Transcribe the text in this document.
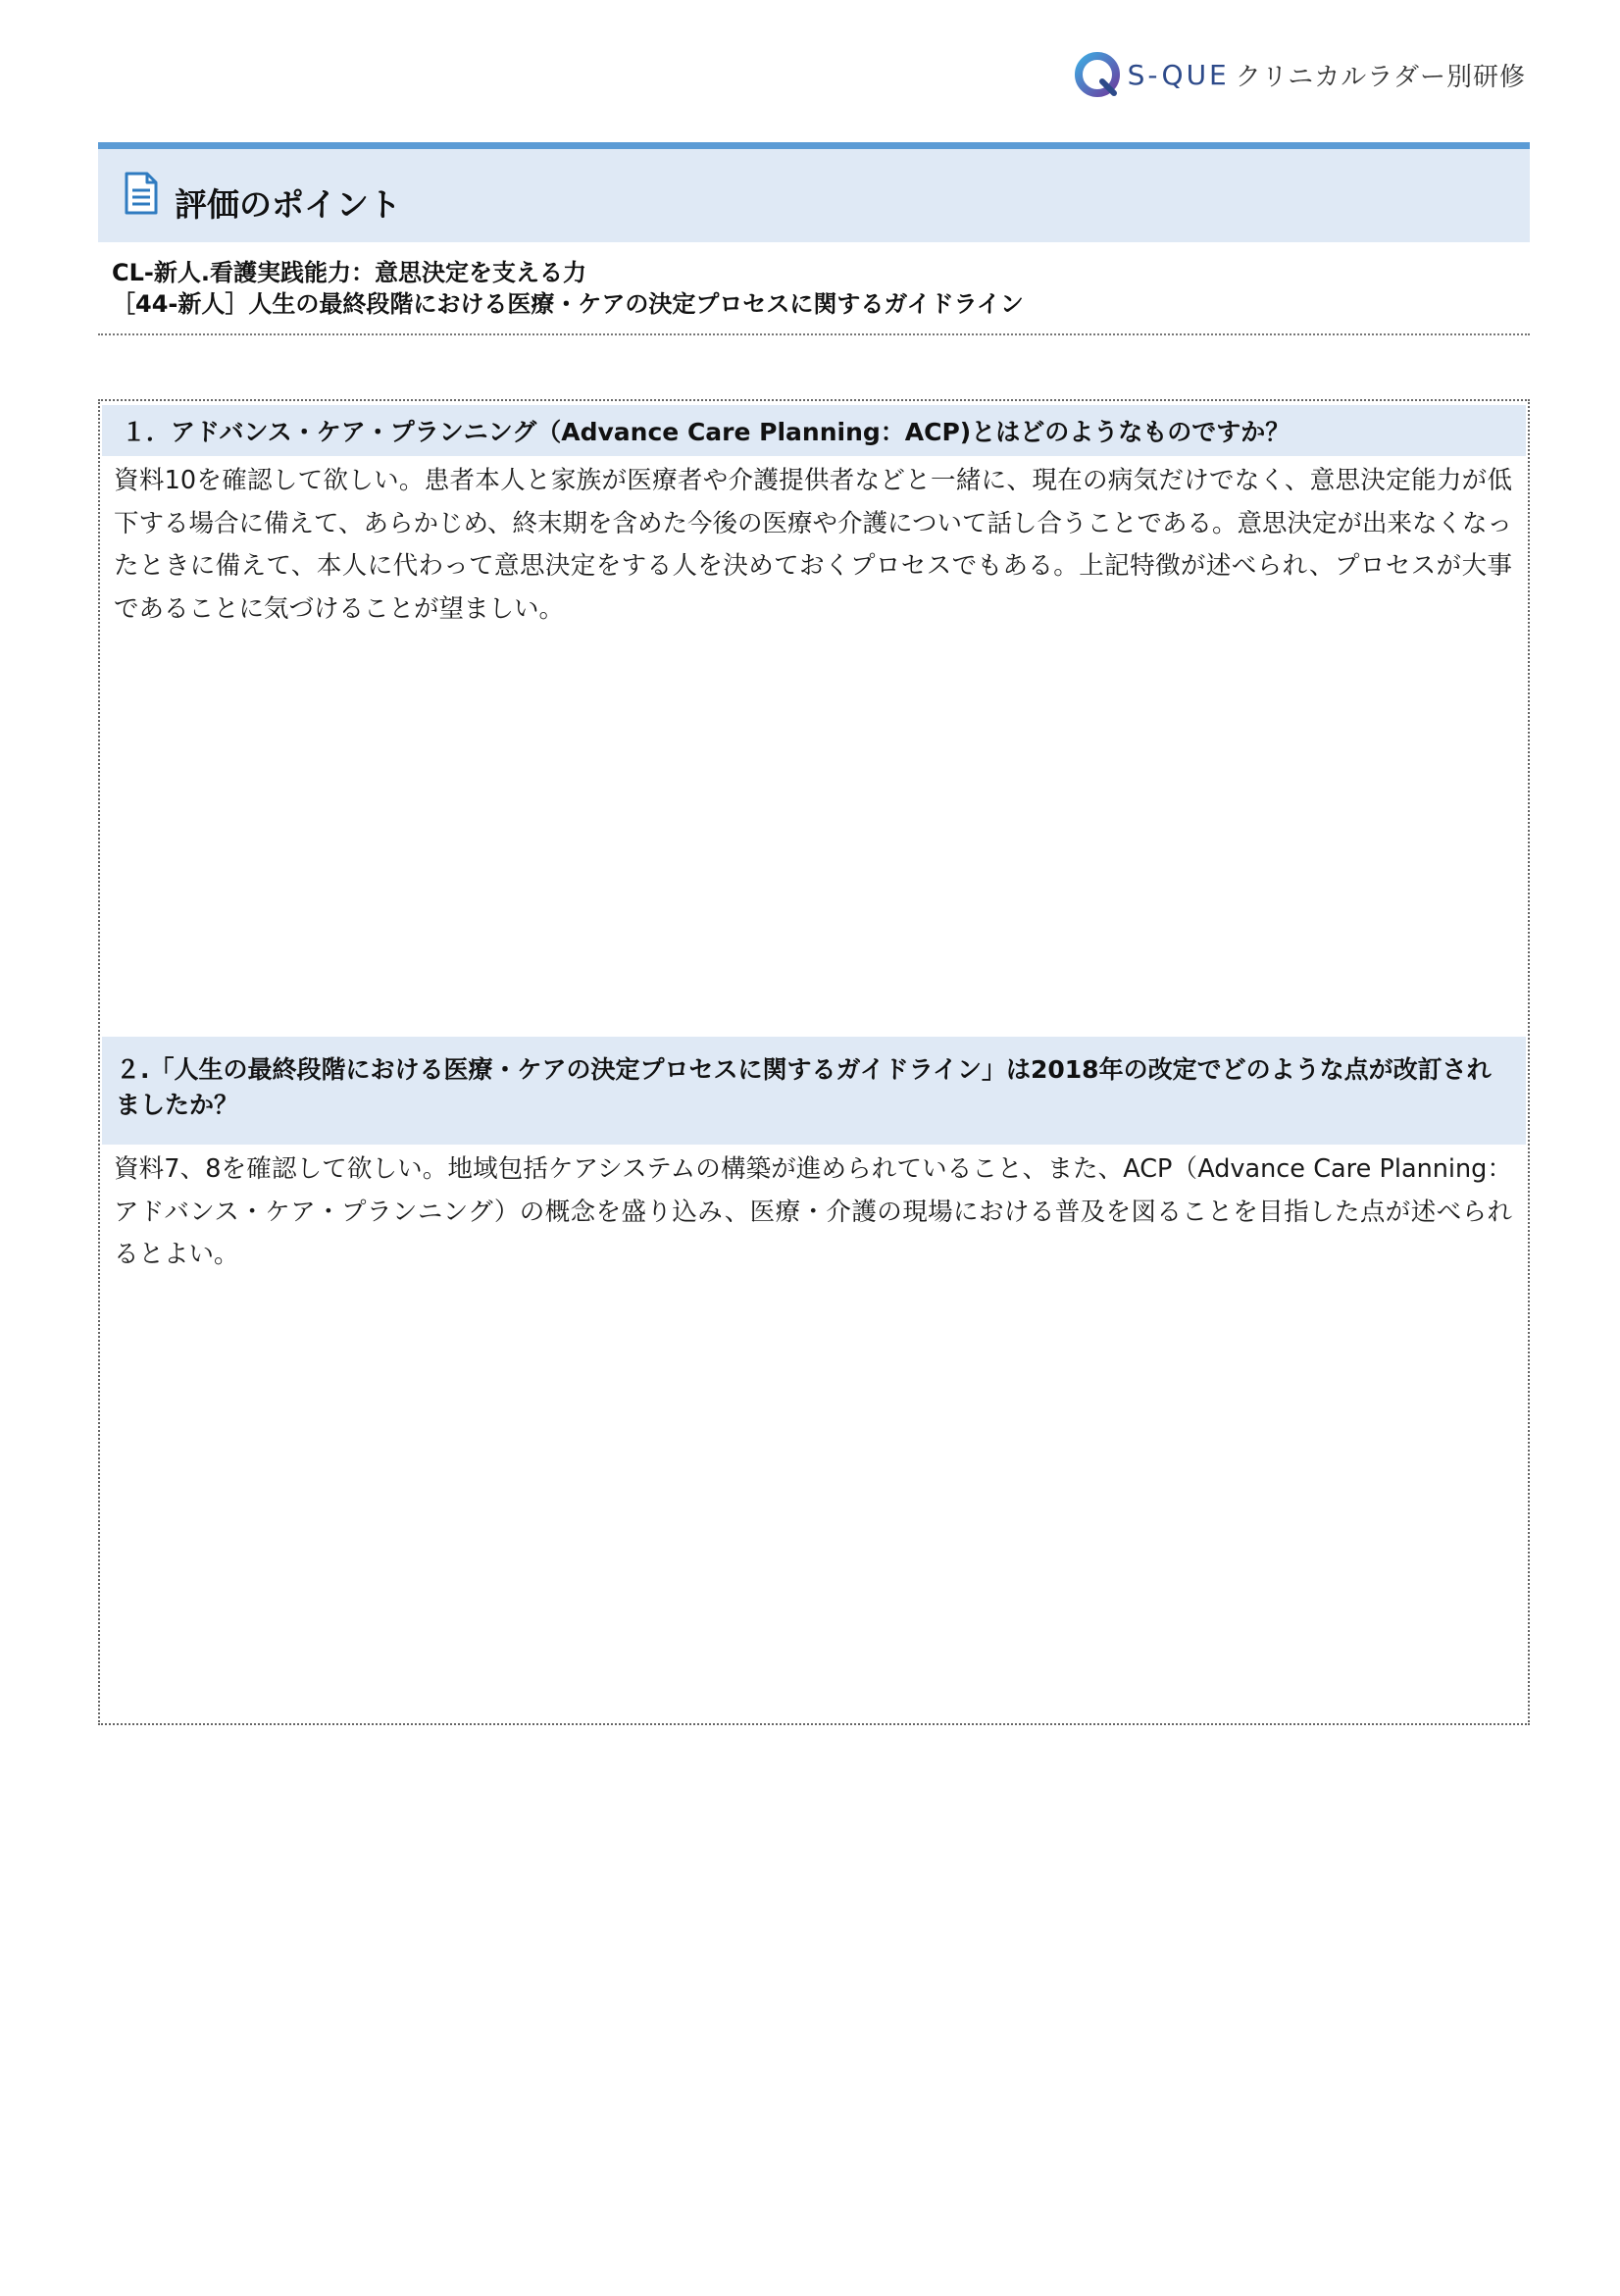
S-QUE クリニカルラダー別研修
評価のポイント
CL-新人.看護実践能力：意思決定を支える力
［44-新人］人生の最終段階における医療・ケアの決定プロセスに関するガイドライン
１．アドバンス・ケア・プランニング（Advance Care Planning：ACP)とはどのようなものですか？
資料10を確認して欲しい。患者本人と家族が医療者や介護提供者などと一緒に、現在の病気だけでなく、意思決定能力が低下する場合に備えて、あらかじめ、終末期を含めた今後の医療や介護について話し合うことである。意思決定が出来なくなったときに備えて、本人に代わって意思決定をする人を決めておくプロセスでもある。上記特徴が述べられ、プロセスが大事であることに気づけることが望ましい。
２.「人生の最終段階における医療・ケアの決定プロセスに関するガイドライン」は2018年の改定でどのような点が改訂されましたか？
資料7、8を確認して欲しい。地域包括ケアシステムの構築が進められていること、また、ACP（Advance Care Planning： アドバンス・ケア・プランニング）の概念を盛り込み、医療・介護の現場における普及を図ることを目指した点が述べられるとよい。
